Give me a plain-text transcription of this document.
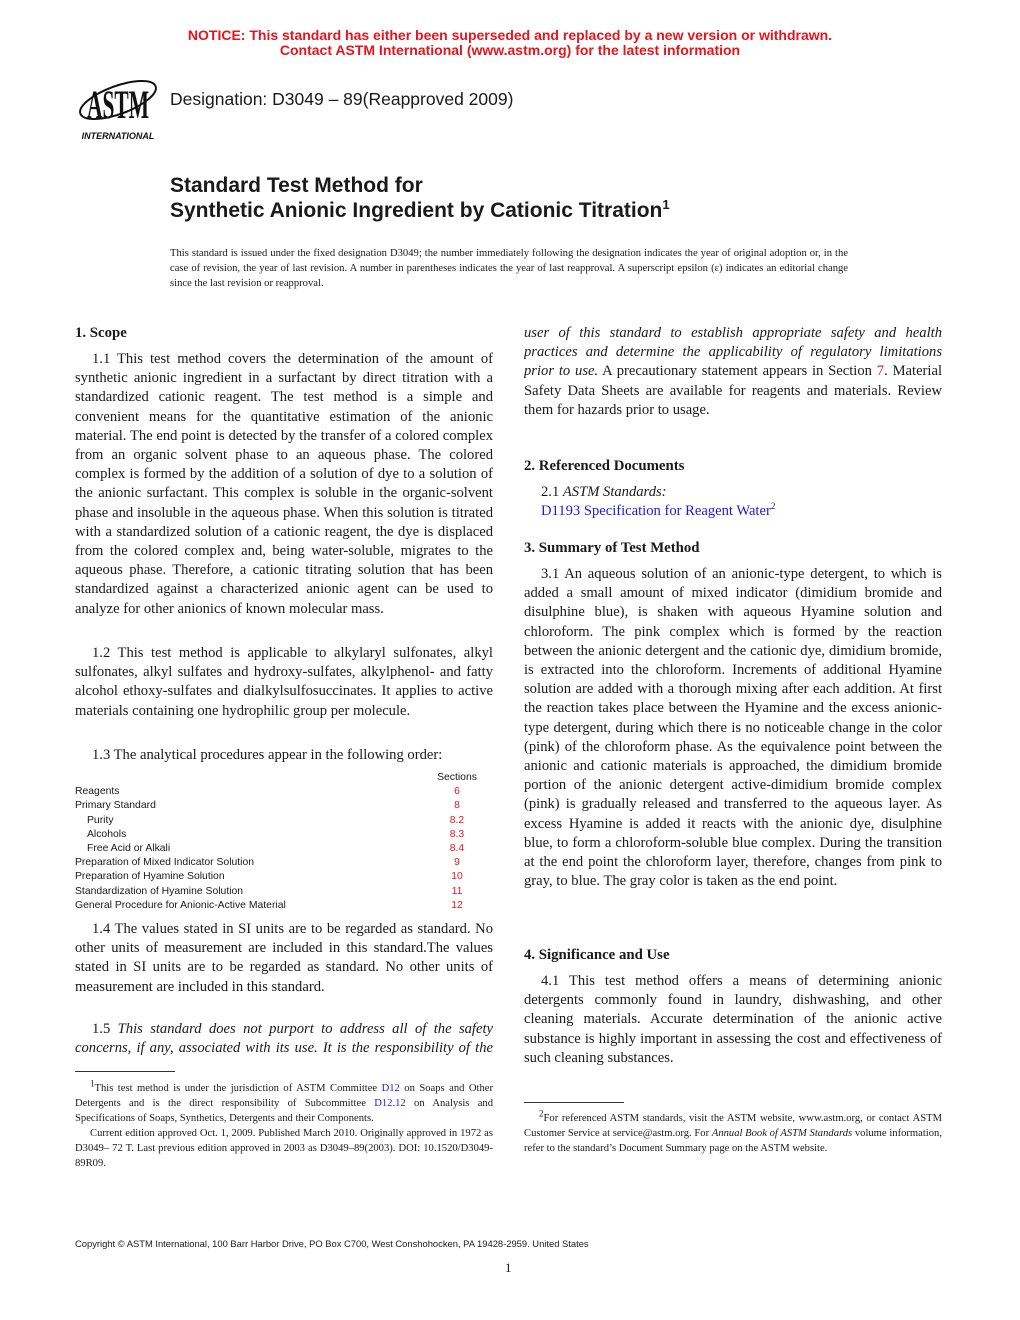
NOTICE: This standard has either been superseded and replaced by a new version or withdrawn.
Contact ASTM International (www.astm.org) for the latest information
ASTM
INTERNATIONAL
Designation: D3049 – 89(Reapproved 2009)
Standard Test Method for
Synthetic Anionic Ingredient by Cationic Titration$^1$
This standard is issued under the fixed designation D3049; the number immediately following the designation indicates the year of original adoption or, in the case of revision, the year of last revision. A number in parentheses indicates the year of last reapproval. A superscript epsilon (ε) indicates an editorial change since the last revision or reapproval.
1. Scope

1.1 This test method covers the determination of the amount of synthetic anionic ingredient in a surfactant by direct titration with a standardized cationic reagent. The test method is a simple and convenient means for the quantitative estimation of the anionic material. The end point is detected by the transfer of a colored complex from an organic solvent phase to an aqueous phase. The colored complex is formed by the addition of a solution of dye to a solution of the anionic surfactant. This complex is soluble in the organic-solvent phase and insoluble in the aqueous phase. When this solution is titrated with a standardized solution of a cationic reagent, the dye is displaced from the colored complex and, being water-soluble, migrates to the aqueous phase. Therefore, a cationic titrating solution that has been standardized against a characterized anionic agent can be used to analyze for other anionics of known molecular mass.

1.2 This test method is applicable to alkylaryl sulfonates, alkyl sulfonates, alkyl sulfates and hydroxy-sulfates, alkylphenol- and fatty alcohol ethoxy-sulfates and dialkylsulfosuccinates. It applies to active materials containing one hydrophilic group per molecule.

1.3 The analytical procedures appear in the following order:

Sections
Reagents	6
Primary Standard	8
Purity	8.2
Alcohols	8.3
Free Acid or Alkali	8.4
Preparation of Mixed Indicator Solution	9
Preparation of Hyamine Solution	10
Standardization of Hyamine Solution	11
General Procedure for Anionic-Active Material	12

1.4 The values stated in SI units are to be regarded as standard. No other units of measurement are included in this standard.The values stated in SI units are to be regarded as standard. No other units of measurement are included in this standard.

1.5 This standard does not purport to address all of the safety concerns, if any, associated with its use. It is the responsibility of the

$^1$This test method is under the jurisdiction of ASTM Committee D12 on Soaps and Other Detergents and is the direct responsibility of Subcommittee D12.12 on Analysis and Specifications of Soaps, Synthetics, Detergents and their Components.

Current edition approved Oct. 1, 2009. Published March 2010. Originally approved in 1972 as D3049– 72 T. Last previous edition approved in 2003 as D3049–89(2003). DOI: 10.1520/D3049-89R09.

user of this standard to establish appropriate safety and health practices and determine the applicability of regulatory limitations prior to use. A precautionary statement appears in Section 7. Material Safety Data Sheets are available for reagents and materials. Review them for hazards prior to usage.

2. Referenced Documents

2.1 ASTM Standards:

D1193 Specification for Reagent Water$^2$

3. Summary of Test Method

3.1 An aqueous solution of an anionic-type detergent, to which is added a small amount of mixed indicator (dimidium bromide and disulphine blue), is shaken with aqueous Hyamine solution and chloroform. The pink complex which is formed by the reaction between the anionic detergent and the cationic dye, dimidium bromide, is extracted into the chloroform. Increments of additional Hyamine solution are added with a thorough mixing after each addition. At first the reaction takes place between the Hyamine and the excess anionic-type detergent, during which there is no noticeable change in the color (pink) of the chloroform phase. As the equivalence point between the anionic and cationic materials is approached, the dimidium bromide portion of the anionic detergent active-dimidium bromide complex (pink) is gradually released and transferred to the aqueous layer. As excess Hyamine is added it reacts with the anionic dye, disulphine blue, to form a chloroform-soluble blue complex. During the transition at the end point the chloroform layer, therefore, changes from pink to gray, to blue. The gray color is taken as the end point.

4. Significance and Use

4.1 This test method offers a means of determining anionic detergents commonly found in laundry, dishwashing, and other cleaning materials. Accurate determination of the anionic active substance is highly important in assessing the cost and effectiveness of such cleaning substances.

$^2$For referenced ASTM standards, visit the ASTM website, www.astm.org, or contact ASTM Customer Service at service@astm.org. For Annual Book of ASTM Standards volume information, refer to the standard’s Document Summary page on the ASTM website.

Copyright © ASTM International, 100 Barr Harbor Drive, PO Box C700, West Conshohocken, PA 19428-2959. United States
1
